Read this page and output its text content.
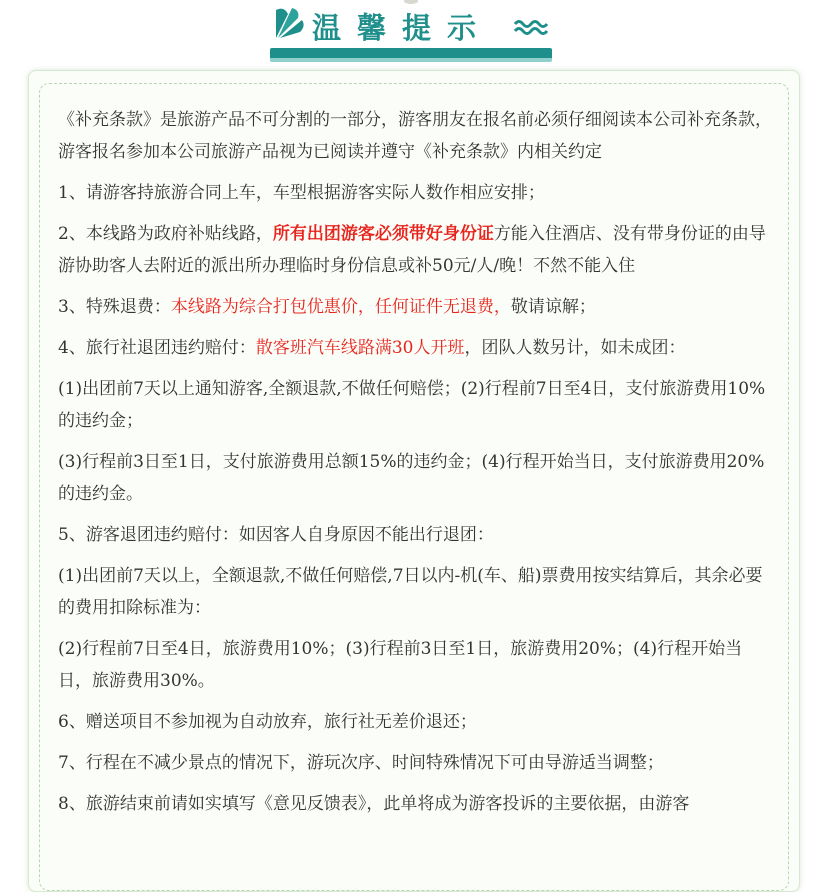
温馨提示

《补充条款》是旅游产品不可分割的一部分，游客朋友在报名前必须仔细阅读本公司补充条款，游客报名参加本公司旅游产品视为已阅读并遵守《补充条款》内相关约定

1、请游客持旅游合同上车，车型根据游客实际人数作相应安排；

2、本线路为政府补贴线路，所有出团游客必须带好身份证方能入住酒店、没有带身份证的由导游协助客人去附近的派出所办理临时身份信息或补50元/人/晚！不然不能入住

3、特殊退费：本线路为综合打包优惠价，任何证件无退费，敬请谅解；

4、旅行社退团违约赔付：散客班汽车线路满30人开班，团队人数另计，如未成团：

(1)出团前7天以上通知游客,全额退款,不做任何赔偿；(2)行程前7日至4日，支付旅游费用10%的违约金；

(3)行程前3日至1日，支付旅游费用总额15%的违约金；(4)行程开始当日，支付旅游费用20%的违约金。

5、游客退团违约赔付：如因客人自身原因不能出行退团：

(1)出团前7天以上，全额退款,不做任何赔偿,7日以内-机(车、船)票费用按实结算后，其余必要的费用扣除标准为：

(2)行程前7日至4日，旅游费用10%；(3)行程前3日至1日，旅游费用20%；(4)行程开始当日，旅游费用30%。

6、赠送项目不参加视为自动放弃，旅行社无差价退还；

7、行程在不减少景点的情况下，游玩次序、时间特殊情况下可由导游适当调整；

8、旅游结束前请如实填写《意见反馈表》，此单将成为游客投诉的主要依据，由游客
